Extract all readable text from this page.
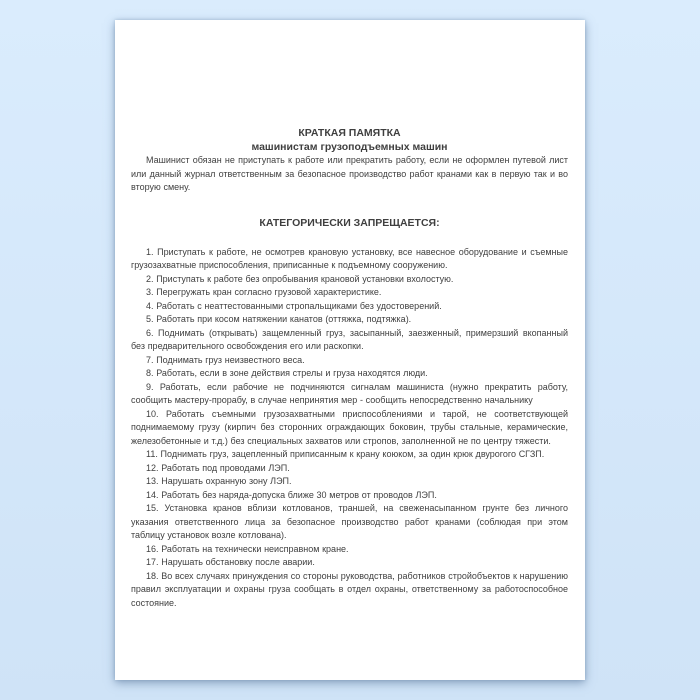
КРАТКАЯ ПАМЯТКА
машинистам грузоподъемных машин

Машинист обязан не приступать к работе или прекратить работу, если не оформлен путевой лист или данный журнал ответственным за безопасное производство работ кранами как в первую так и во вторую смену.

КАТЕГОРИЧЕСКИ ЗАПРЕЩАЕТСЯ:

1. Приступать к работе, не осмотрев крановую установку, все навесное оборудование и съемные грузозахватные приспособления, приписанные к подъемному сооружению.

2. Приступать к работе без опробывания крановой установки вхолостую.

3. Перегружать кран согласно грузовой характеристике.

4. Работать с неаттестованными стропальщиками без удостоверений.

5. Работать при косом натяжении канатов (оттяжка, подтяжка).

6. Поднимать (открывать) защемленный груз, засыпанный, заезженный, примерзший вкопанный без предварительного освобождения его или раскопки.

7. Поднимать груз неизвестного веса.

8. Работать, если в зоне действия стрелы и груза находятся люди.

9. Работать, если рабочие не подчиняются сигналам машиниста (нужно прекратить работу, сообщить мастеру-прорабу, в случае непринятия мер - сообщить непосредственно начальнику

10. Работать съемными грузозахватными приспособлениями и тарой, не соответствующей поднимаемому грузу (кирпич без сторонних ограждающих боковин, трубы стальные, керамические, железобетонные и т.д.) без специальных захватов или стропов, заполненной не по центру тяжести.

11. Поднимать груз, зацепленный приписанным к крану коюком, за один крюк двурогого СГЗП.

12. Работать под проводами ЛЭП.

13. Нарушать охранную зону ЛЭП.

14. Работать без наряда-допуска ближе 30 метров от проводов ЛЭП.

15. Установка кранов вблизи котлованов, траншей, на свеженасыпанном грунте без личного указания ответственного лица за безопасное производство работ кранами (соблюдая при этом таблицу установок возле котлована).

16. Работать на технически неисправном кране.

17. Нарушать обстановку после аварии.

18. Во всех случаях принуждения со стороны руководства, работников стройобъектов к нарушению правил эксплуатации и охраны груза сообщать в отдел охраны, ответственному за работоспособное состояние.
